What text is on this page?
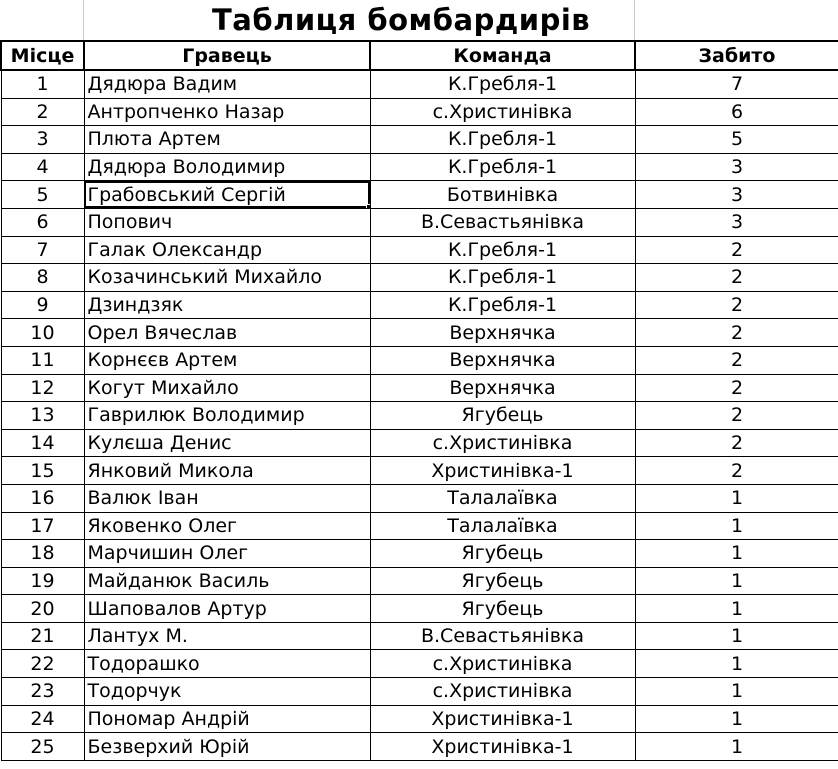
Таблиця бомбардирів
Місце	Гравець	Команда	Забито
1	Дядюра Вадим	К.Гребля-1	7
2	Антропченко Назар	с.Христинівка	6
3	Плюта Артем	К.Гребля-1	5
4	Дядюра Володимир	К.Гребля-1	3
5	Грабовський Сергій	Ботвинівка	3
6	Попович	В.Севастьянівка	3
7	Галак Олександр	К.Гребля-1	2
8	Козачинський Михайло	К.Гребля-1	2
9	Дзиндзяк	К.Гребля-1	2
10	Орел Вячеслав	Верхнячка	2
11	Корнєєв Артем	Верхнячка	2
12	Когут Михайло	Верхнячка	2
13	Гаврилюк Володимир	Ягубець	2
14	Кулєша Денис	с.Христинівка	2
15	Янковий Микола	Христинівка-1	2
16	Валюк Іван	Талалаївка	1
17	Яковенко Олег	Талалаївка	1
18	Марчишин Олег	Ягубець	1
19	Майданюк Василь	Ягубець	1
20	Шаповалов Артур	Ягубець	1
21	Лантух М.	В.Севастьянівка	1
22	Тодорашко	с.Христинівка	1
23	Тодорчук	с.Христинівка	1
24	Пономар Андрій	Христинівка-1	1
25	Безверхий Юрій	Христинівка-1	1
